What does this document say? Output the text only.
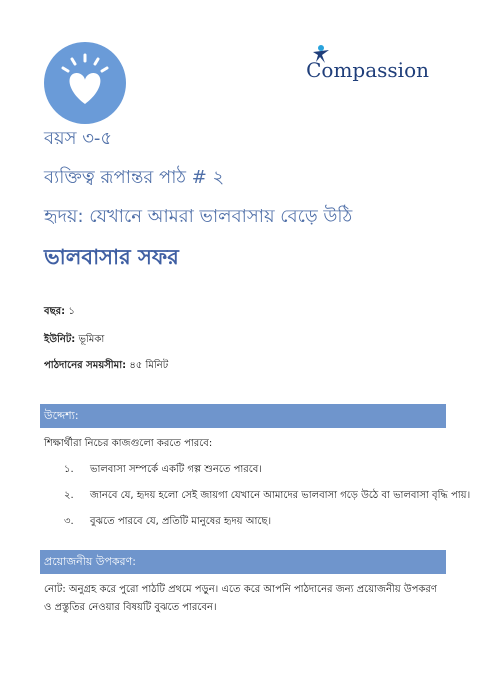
Compassion
বয়স ৩-৫
ব্যক্তিত্ব রূপান্তর পাঠ # ২
হৃদয়: যেখানে আমরা ভালবাসায় বেড়ে উঠি
ভালবাসার সফর
বছর: ১
ইউনিট: ভূমিকা
পাঠদানের সময়সীমা: ৪৫ মিনিট
উদ্দেশ্য:
শিক্ষার্থীরা নিচের কাজগুলো করতে পারবে:
১. ভালবাসা সম্পর্কে একটি গল্প শুনতে পারবে।
২. জানবে যে, হৃদয় হলো সেই জায়গা যেখানে আমাদের ভালবাসা গড়ে উঠে বা ভালবাসা বৃদ্ধি পায়।
৩. বুঝতে পারবে যে, প্রতিটি মানুষের হৃদয় আছে।
প্রয়োজনীয় উপকরণ:
নোট: অনুগ্রহ করে পুরো পাঠটি প্রথমে পড়ুন। এতে করে আপনি পাঠদানের জন্য প্রয়োজনীয় উপকরণ ও প্রস্তুতির নেওয়ার বিষয়টি বুঝতে পারবেন।
